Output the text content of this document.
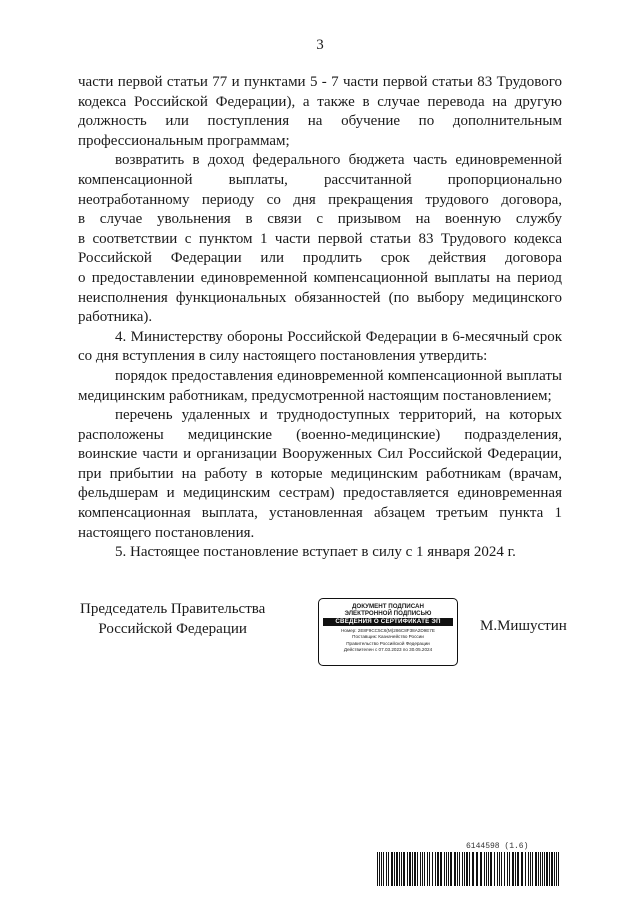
3
части первой статьи 77 и пунктами 5 - 7 части первой статьи 83 Трудового
кодекса Российской Федерации), а также в случае перевода на другую
должность или поступления на обучение по дополнительным
профессиональным программам;
возвратить в доход федерального бюджета часть единовременной
компенсационной выплаты, рассчитанной пропорционально
неотработанному периоду со дня прекращения трудового договора,
в случае увольнения в связи с призывом на военную службу
в соответствии с пунктом 1 части первой статьи 83 Трудового кодекса
Российской Федерации или продлить срок действия договора
о предоставлении единовременной компенсационной выплаты на период
неисполнения функциональных обязанностей (по выбору медицинского
работника).
4. Министерству обороны Российской Федерации в 6-месячный срок
со дня вступления в силу настоящего постановления утвердить:
порядок предоставления единовременной компенсационной выплаты
медицинским работникам, предусмотренной настоящим постановлением;
перечень удаленных и труднодоступных территорий, на которых
расположены медицинские (военно-медицинские) подразделения,
воинские части и организации Вооруженных Сил Российской Федерации,
при прибытии на работу в которые медицинским работникам (врачам,
фельдшерам и медицинским сестрам) предоставляется единовременная
компенсационная выплата, установленная абзацем третьим пункта 1
настоящего постановления.
5. Настоящее постановление вступает в силу с 1 января 2024 г.
Председатель Правительства
Российской Федерации
ДОКУМЕНТ ПОДПИСАН
ЭЛЕКТРОННОЙ ПОДПИСЬЮ
СВЕДЕНИЯ О СЕРТИФИКАТЕ ЭП
Номер: 2E8F9CC5C6(M)286C8F38A2D9E7E
Поставщик: Казначейство России
Правительство Российской Федерации
Действителен с 07.03.2023 по 30.05.2024
М.Мишустин
6144598 (1.6)
